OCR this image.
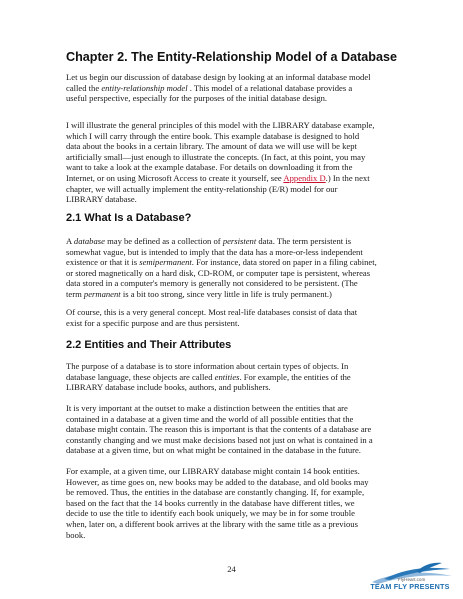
Chapter 2. The Entity-Relationship Model of a Database

Let us begin our discussion of database design by looking at an informal database model
called the entity-relationship model . This model of a relational database provides a
useful perspective, especially for the purposes of the initial database design.

I will illustrate the general principles of this model with the LIBRARY database example,
which I will carry through the entire book. This example database is designed to hold
data about the books in a certain library. The amount of data we will use will be kept
artificially small—just enough to illustrate the concepts. (In fact, at this point, you may
want to take a look at the example database. For details on downloading it from the
Internet, or on using Microsoft Access to create it yourself, see Appendix D.) In the next
chapter, we will actually implement the entity-relationship (E/R) model for our
LIBRARY database.

2.1 What Is a Database?

A database may be defined as a collection of persistent data. The term persistent is
somewhat vague, but is intended to imply that the data has a more-or-less independent
existence or that it is semipermanent. For instance, data stored on paper in a filing cabinet,
or stored magnetically on a hard disk, CD-ROM, or computer tape is persistent, whereas
data stored in a computer's memory is generally not considered to be persistent. (The
term permanent is a bit too strong, since very little in life is truly permanent.)

Of course, this is a very general concept. Most real-life databases consist of data that
exist for a specific purpose and are thus persistent.

2.2 Entities and Their Attributes

The purpose of a database is to store information about certain types of objects. In
database language, these objects are called entities. For example, the entities of the
LIBRARY database include books, authors, and publishers.

It is very important at the outset to make a distinction between the entities that are
contained in a database at a given time and the world of all possible entities that the
database might contain. The reason this is important is that the contents of a database are
constantly changing and we must make decisions based not just on what is contained in a
database at a given time, but on what might be contained in the database in the future.

For example, at a given time, our LIBRARY database might contain 14 book entities.
However, as time goes on, new books may be added to the database, and old books may
be removed. Thus, the entities in the database are constantly changing. If, for example,
based on the fact that the 14 books currently in the database have different titles, we
decide to use the title to identify each book uniquely, we may be in for some trouble
when, later on, a different book arrives at the library with the same title as a previous
book.

24
FlyHeart.com
TEAM FLY PRESENTS
